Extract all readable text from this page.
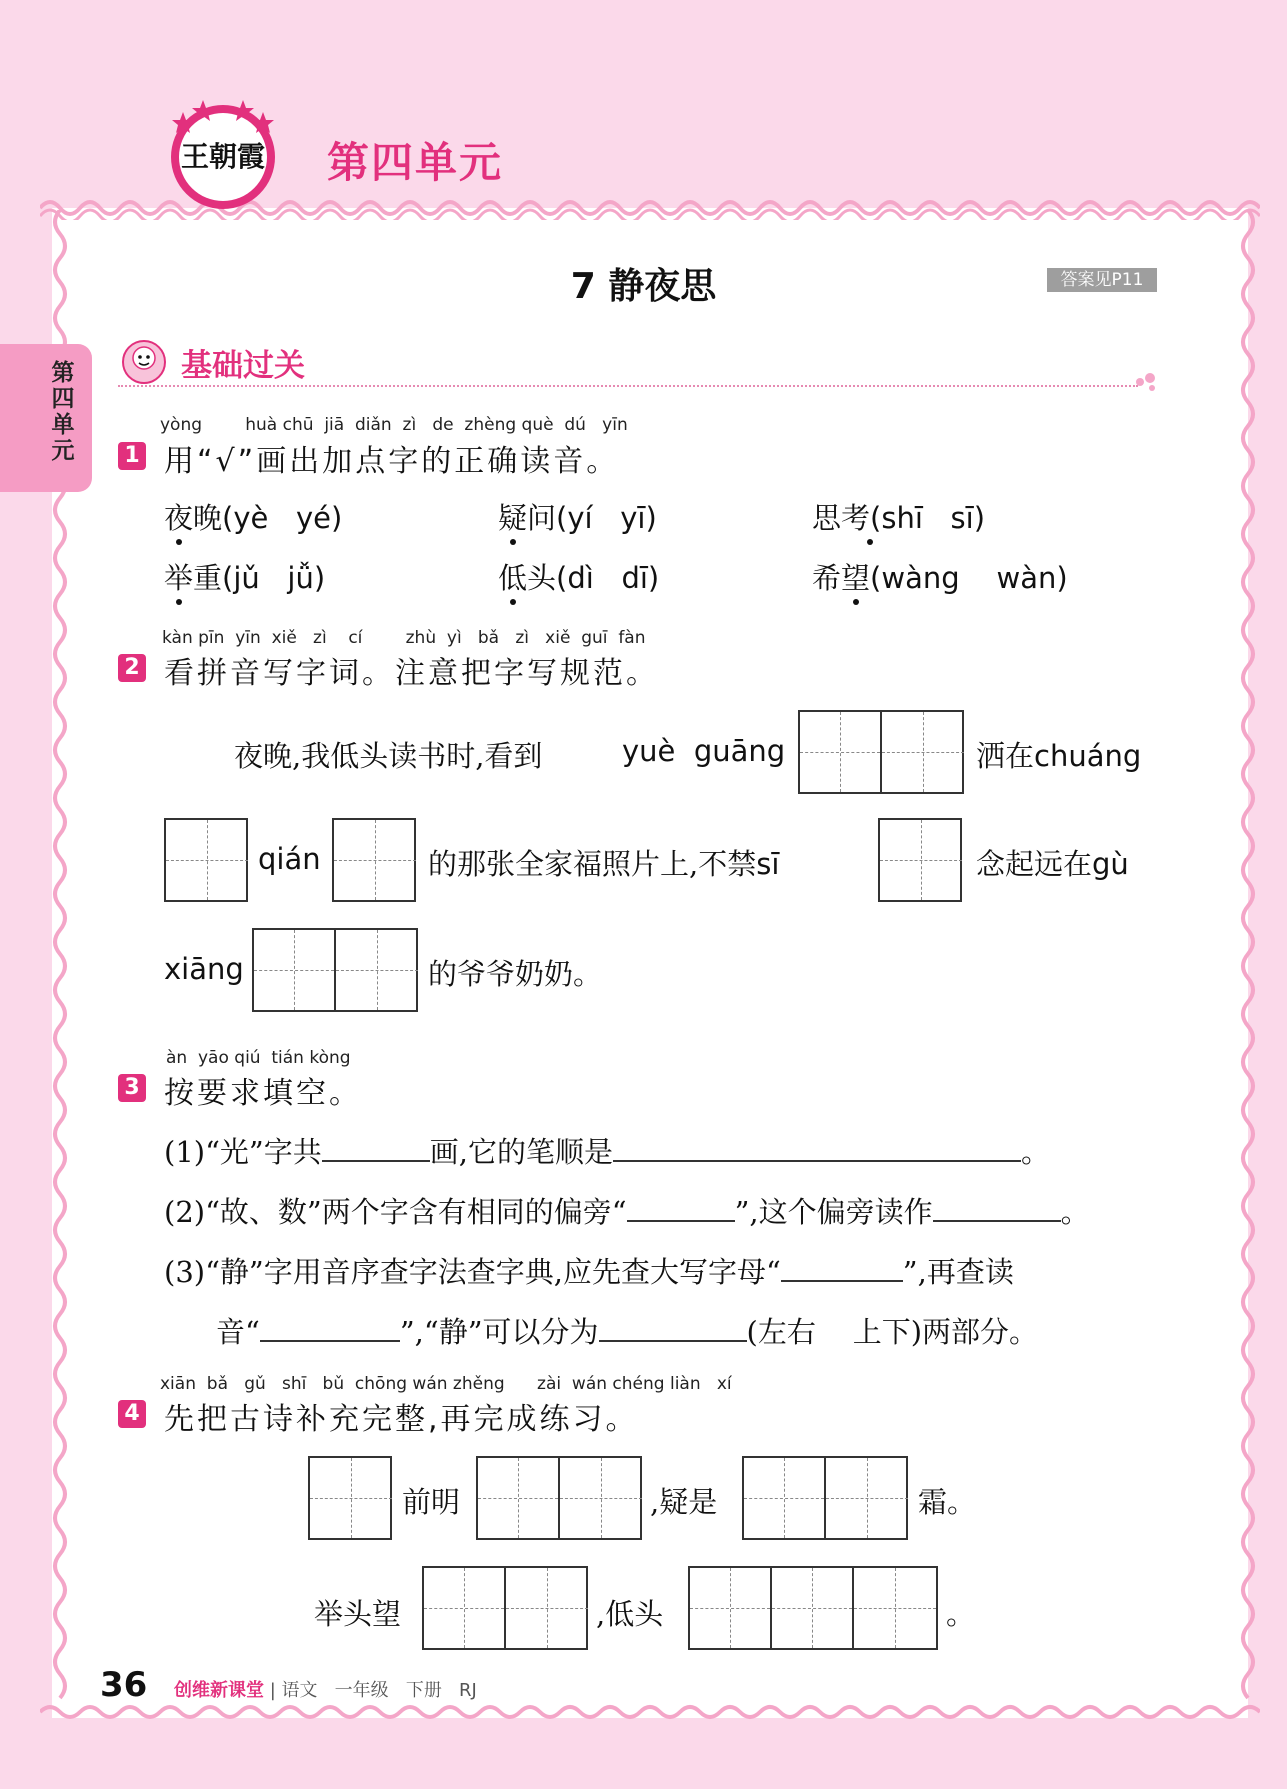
王朝霞 第四单元
第四单元
7 静夜思	答案见P11
基础过关
yòng        huà chū  jiā  diǎn  zì   de  zhèng què  dú   yīn
1 用“√”画出加点字的正确读音。
夜晚(yè   yé)	疑问(yí   yī)	思考(shī   sī)
举重(jǔ   jǚ)	低头(dì   dī)	希望(wàng    wàn)
kàn pīn  yīn  xiě   zì    cí        zhù  yì   bǎ   zì   xiě  guī  fàn
2 看拼音写字词。注意把字写规范。
夜晚,我低头读书时,看到	yuè  guāng	洒在chuáng
qián	的那张全家福照片上,不禁sī	念起远在gù
xiāng	的爷爷奶奶。
àn  yāo qiú  tián kòng
3 按要求填空。
(1)“光”字共	画,它的笔顺是	。
(2)“故、数”两个字含有相同的偏旁“	”,这个偏旁读作	。
(3)“静”字用音序查字法查字典,应先查大写字母“	”,再查读
音“	”,“静”可以分为	(左右    上下)两部分。
xiān  bǎ   gǔ   shī   bǔ  chōng wán zhěng      zài  wán chéng liàn   xí
4 先把古诗补充完整,再完成练习。
前明	,疑是	霜。
举头望	,低头	。
36 创维新课堂 | 语文   一年级   下册   RJ
